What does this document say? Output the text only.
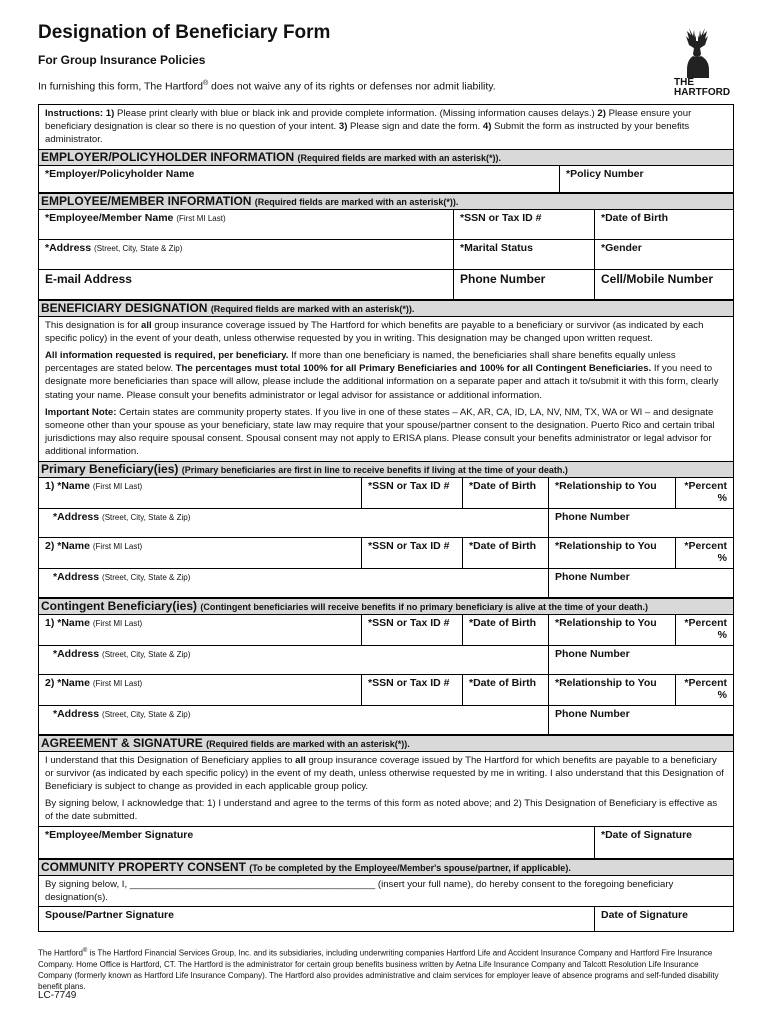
Designation of Beneficiary Form
For Group Insurance Policies
In furnishing this form, The Hartford® does not waive any of its rights or defenses nor admit liability.	THE
HARTFORD
Instructions: 1) Please print clearly with blue or black ink and provide complete information. (Missing information causes delays.) 2) Please ensure your beneficiary designation is clear so there is no question of your intent. 3) Please sign and date the form. 4) Submit the form as instructed by your benefits administrator.
EMPLOYER/POLICYHOLDER INFORMATION (Required fields are marked with an asterisk(*)).
*Employer/Policyholder Name	*Policy Number
EMPLOYEE/MEMBER INFORMATION (Required fields are marked with an asterisk(*)).
*Employee/Member Name (First MI Last)	*SSN or Tax ID #	*Date of Birth
*Address (Street, City, State & Zip)	*Marital Status	*Gender
E-mail Address	Phone Number	Cell/Mobile Number
BENEFICIARY DESIGNATION (Required fields are marked with an asterisk(*)).
This designation is for all group insurance coverage issued by The Hartford for which benefits are payable to a beneficiary or survivor (as indicated by each specific policy) in the event of your death, unless otherwise requested by you in writing. This designation may be changed upon written request.
All information requested is required, per beneficiary. If more than one beneficiary is named, the beneficiaries shall share benefits equally unless percentages are stated below. The percentages must total 100% for all Primary Beneficiaries and 100% for all Contingent Beneficiaries. If you need to designate more beneficiaries than space will allow, please include the additional information on a separate paper and attach it to/submit it with this form, clearly stating your name. Please consult your benefits administrator or legal advisor for assistance or additional information.
Important Note: Certain states are community property states. If you live in one of these states – AK, AR, CA, ID, LA, NV, NM, TX, WA or WI – and designate someone other than your spouse as your beneficiary, state law may require that your spouse/partner consent to the designation. Puerto Rico and certain tribal jurisdictions may also require spousal consent. Spousal consent may not apply to ERISA plans. Please consult your benefits administrator or legal advisor for additional information.
Primary Beneficiary(ies) (Primary beneficiaries are first in line to receive benefits if living at the time of your death.)
1) *Name (First MI Last)	*SSN or Tax ID #	*Date of Birth	*Relationship to You	*Percent
%
*Address (Street, City, State & Zip)	Phone Number
2) *Name (First MI Last)	*SSN or Tax ID #	*Date of Birth	*Relationship to You	*Percent
%
*Address (Street, City, State & Zip)	Phone Number
Contingent Beneficiary(ies) (Contingent beneficiaries will receive benefits if no primary beneficiary is alive at the time of your death.)
1) *Name (First MI Last)	*SSN or Tax ID #	*Date of Birth	*Relationship to You	*Percent
%
*Address (Street, City, State & Zip)	Phone Number
2) *Name (First MI Last)	*SSN or Tax ID #	*Date of Birth	*Relationship to You	*Percent
%
*Address (Street, City, State & Zip)	Phone Number
AGREEMENT & SIGNATURE (Required fields are marked with an asterisk(*)).
I understand that this Designation of Beneficiary applies to all group insurance coverage issued by The Hartford for which benefits are payable to a beneficiary or survivor (as indicated by each specific policy) in the event of my death, unless otherwise requested by me in writing. I also understand that this Designation of Beneficiary is subject to change as provided in each applicable group policy.
By signing below, I acknowledge that: 1) I understand and agree to the terms of this form as noted above; and 2) This Designation of Beneficiary is effective as of the date submitted.
*Employee/Member Signature	*Date of Signature
COMMUNITY PROPERTY CONSENT (To be completed by the Employee/Member's spouse/partner, if applicable).
By signing below, I, ______________________________________________ (insert your full name), do hereby consent to the foregoing beneficiary designation(s).
Spouse/Partner Signature	Date of Signature
The Hartford® is The Hartford Financial Services Group, Inc. and its subsidiaries, including underwriting companies Hartford Life and Accident Insurance Company and Hartford Fire Insurance Company. Home Office is Hartford, CT. The Hartford is the administrator for certain group benefits business written by Aetna Life Insurance Company and Talcott Resolution Life Insurance Company (formerly known as Hartford Life Insurance Company). The Hartford also provides administrative and claim services for employer leave of absence programs and self-funded disability benefit plans.
LC-7749
